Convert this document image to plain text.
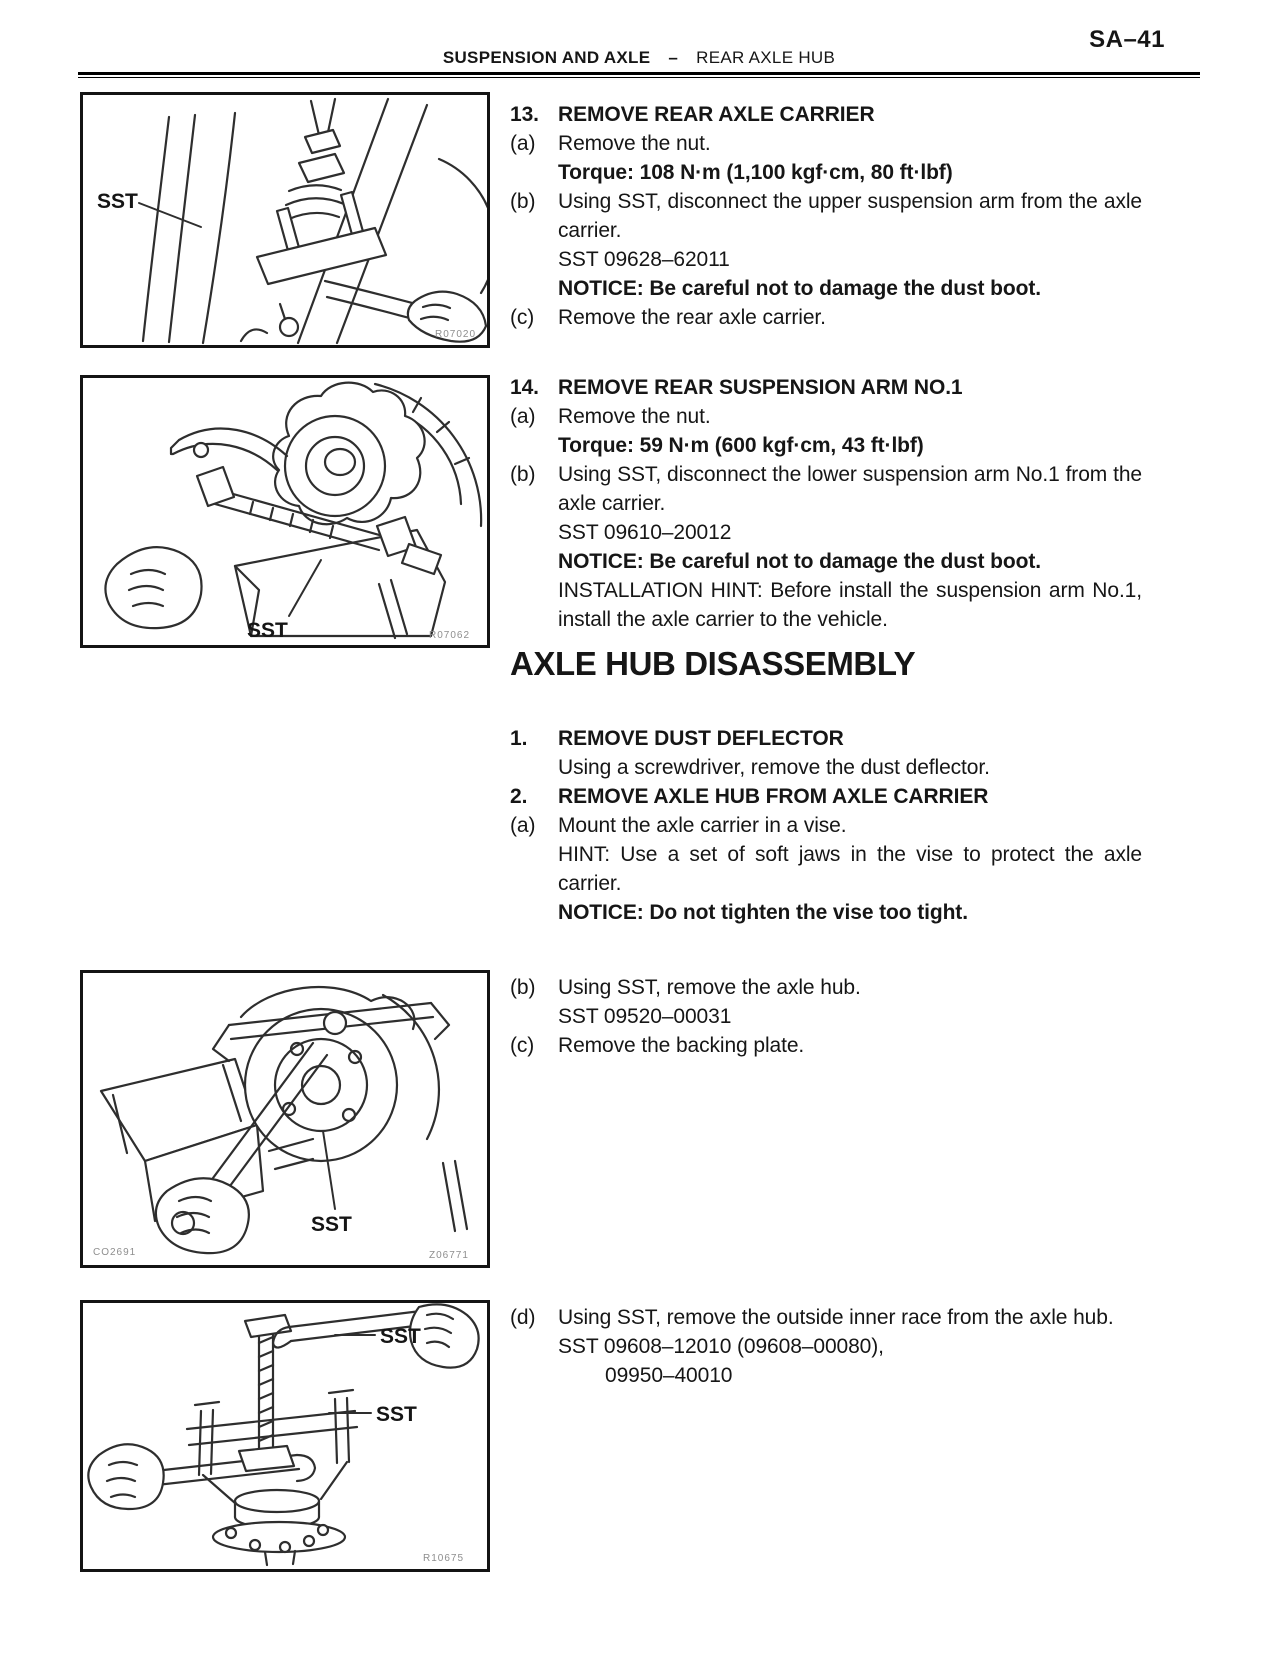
SA–41
SUSPENSION AND AXLE – REAR AXLE HUB
SST
R07020
SST	R07062
SST
CO2691	Z06771
SST
SST
R10675
13. REMOVE REAR AXLE CARRIER
(a)	Remove the nut.
Torque: 108 N·m (1,100 kgf·cm, 80 ft·lbf)
(b)	Using SST, disconnect the upper suspension arm from the axle carrier.
SST 09628–62011
NOTICE: Be careful not to damage the dust boot.
(c)	Remove the rear axle carrier.
14. REMOVE REAR SUSPENSION ARM NO.1
(a)	Remove the nut.
Torque: 59 N·m (600 kgf·cm, 43 ft·lbf)
(b)	Using SST, disconnect the lower suspension arm No.1 from the axle carrier.
SST 09610–20012
NOTICE: Be careful not to damage the dust boot.
INSTALLATION HINT: Before install the suspension arm No.1, install the axle carrier to the vehicle.
AXLE HUB DISASSEMBLY
1.	REMOVE DUST DEFLECTOR
Using a screwdriver, remove the dust deflector.
2.	REMOVE AXLE HUB FROM AXLE CARRIER
(a)	Mount the axle carrier in a vise.
HINT: Use a set of soft jaws in the vise to protect the axle carrier.
NOTICE: Do not tighten the vise too tight.
(b)	Using SST, remove the axle hub.
SST 09520–00031
(c)	Remove the backing plate.
(d)	Using SST, remove the outside inner race from the axle hub.
SST 09608–12010 (09608–00080),
09950–40010
